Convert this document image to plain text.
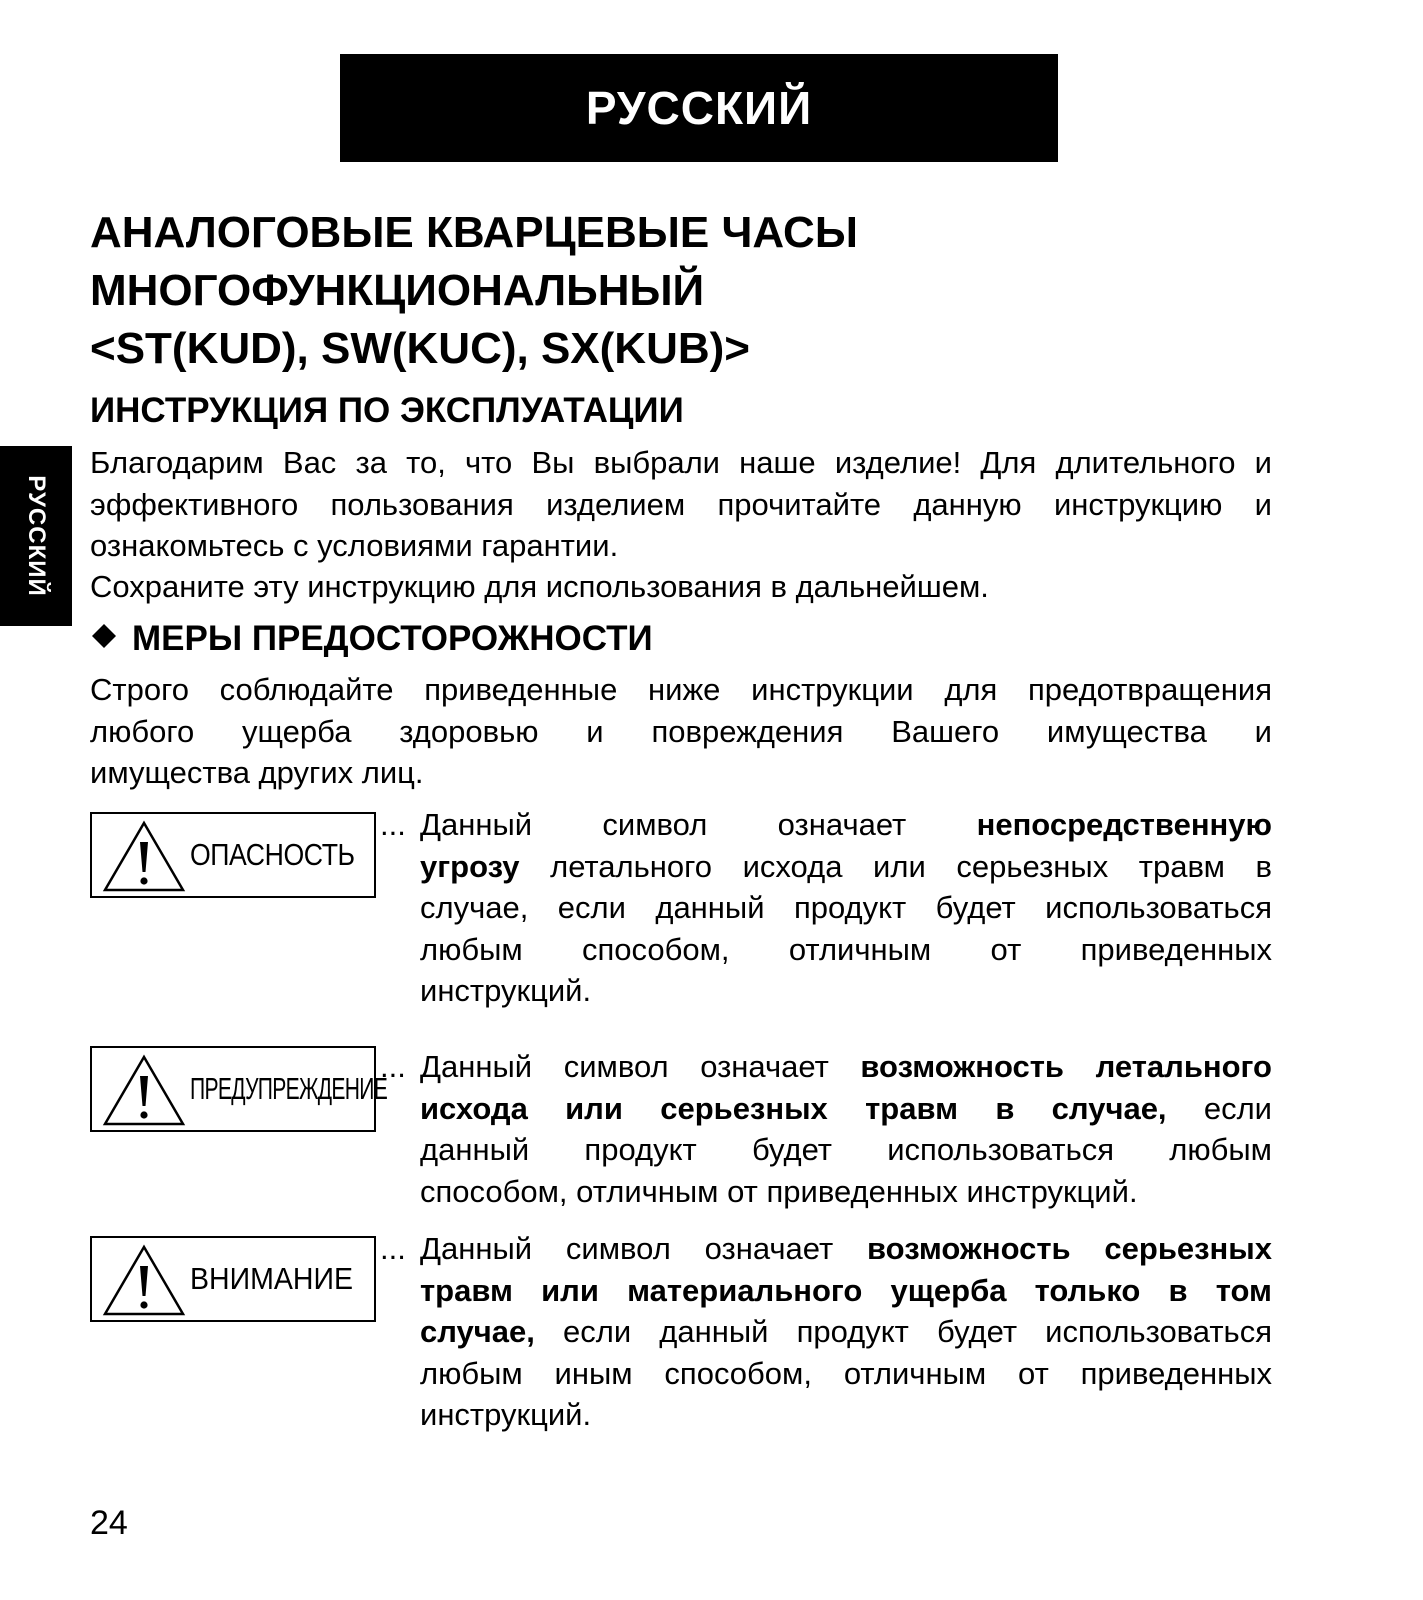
РУССКИЙ
РУССКИЙ
АНАЛОГОВЫЕ КВАРЦЕВЫЕ ЧАСЫ
МНОГОФУНКЦИОНАЛЬНЫЙ
<ST(KUD), SW(KUC), SX(KUB)>
ИНСТРУКЦИЯ ПО ЭКСПЛУАТАЦИИ
Благодарим Вас за то, что Вы выбрали наше изделие! Для длительного и
эффективного пользования изделием прочитайте данную инструкцию и
ознакомьтесь с условиями гарантии.
Сохраните эту инструкцию для использования в дальнейшем.
МЕРЫ ПРЕДОСТОРОЖНОСТИ
Строго соблюдайте приведенные ниже инструкции для предотвращения
любого ущерба здоровью и повреждения Вашего имущества и
имущества других лиц.
ОПАСНОСТЬ
... Данный символ означает непосредственную
угрозу летального исхода или серьезных травм в
случае, если данный продукт будет использоваться
любым способом, отличным от приведенных
инструкций.
ПРЕДУПРЕЖДЕНИЕ
... Данный символ означает возможность летального
исхода или серьезных травм в случае, если
данный продукт будет использоваться любым
способом, отличным от приведенных инструкций.
ВНИМАНИЕ
... Данный символ означает возможность серьезных
травм или материального ущерба только в том
случае, если данный продукт будет использоваться
любым иным способом, отличным от приведенных
инструкций.
24
